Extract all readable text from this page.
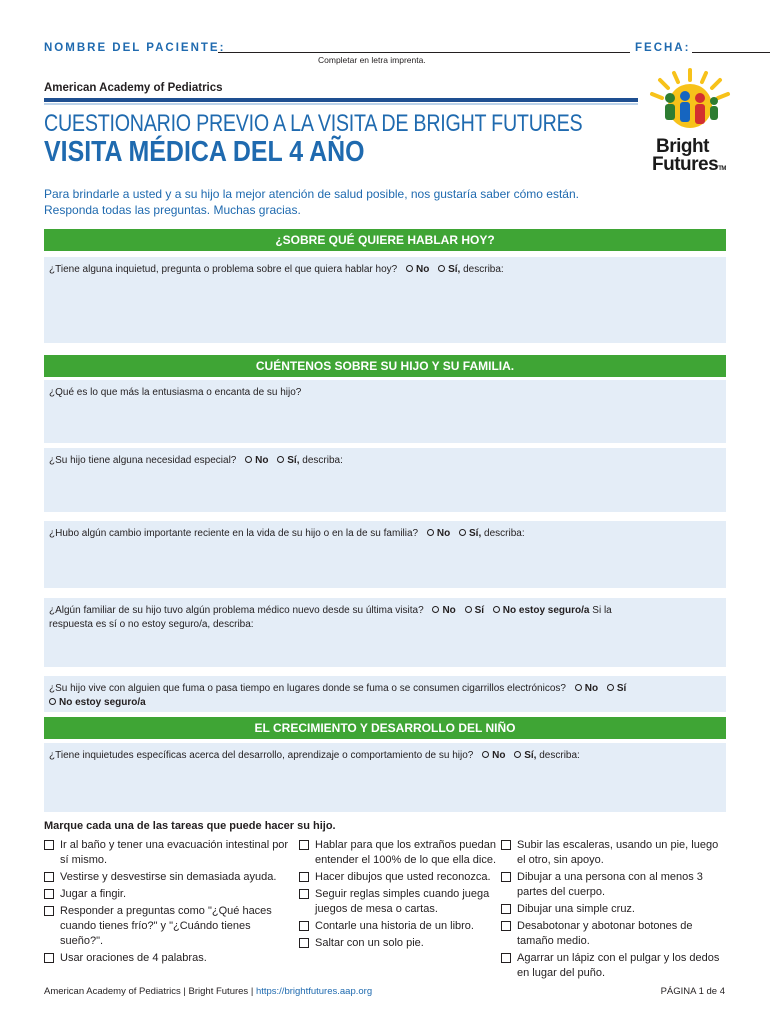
NOMBRE DEL PACIENTE:	FECHA:
Completar en letra imprenta.
American Academy of Pediatrics
CUESTIONARIO PREVIO A LA VISITA DE BRIGHT FUTURES
VISITA MÉDICA DEL 4 AÑO	Bright
FuturesTM
Para brindarle a usted y a su hijo la mejor atención de salud posible, nos gustaría saber cómo están.
Responda todas las preguntas. Muchas gracias.
¿SOBRE QUÉ QUIERE HABLAR HOY?
¿Tiene alguna inquietud, pregunta o problema sobre el que quiera hablar hoy? No Sí, describa:
CUÉNTENOS SOBRE SU HIJO Y SU FAMILIA.
¿Qué es lo que más la entusiasma o encanta de su hijo?
¿Su hijo tiene alguna necesidad especial? No Sí, describa:
¿Hubo algún cambio importante reciente en la vida de su hijo o en la de su familia? No Sí, describa:
¿Algún familiar de su hijo tuvo algún problema médico nuevo desde su última visita? No Sí No estoy seguro/a Si la
respuesta es sí o no estoy seguro/a, describa:
¿Su hijo vive con alguien que fuma o pasa tiempo en lugares donde se fuma o se consumen cigarrillos electrónicos? No Sí
No estoy seguro/a
EL CRECIMIENTO Y DESARROLLO DEL NIÑO
¿Tiene inquietudes específicas acerca del desarrollo, aprendizaje o comportamiento de su hijo? No Sí, describa:
Marque cada una de las tareas que puede hacer su hijo.
Ir al baño y tener una evacuación intestinal por sí mismo.
Vestirse y desvestirse sin demasiada ayuda.
Jugar a fingir.
Responder a preguntas como "¿Qué haces cuando tienes frío?" y "¿Cuándo tienes sueño?".
Usar oraciones de 4 palabras.
Hablar para que los extraños puedan entender el 100% de lo que ella dice.
Hacer dibujos que usted reconozca.
Seguir reglas simples cuando juega juegos de mesa o cartas.
Contarle una historia de un libro.
Saltar con un solo pie.
Subir las escaleras, usando un pie, luego el otro, sin apoyo.
Dibujar a una persona con al menos 3 partes del cuerpo.
Dibujar una simple cruz.
Desabotonar y abotonar botones de tamaño medio.
Agarrar un lápiz con el pulgar y los dedos en lugar del puño.
American Academy of Pediatrics | Bright Futures | https://brightfutures.aap.org	PÁGINA 1 de 4
